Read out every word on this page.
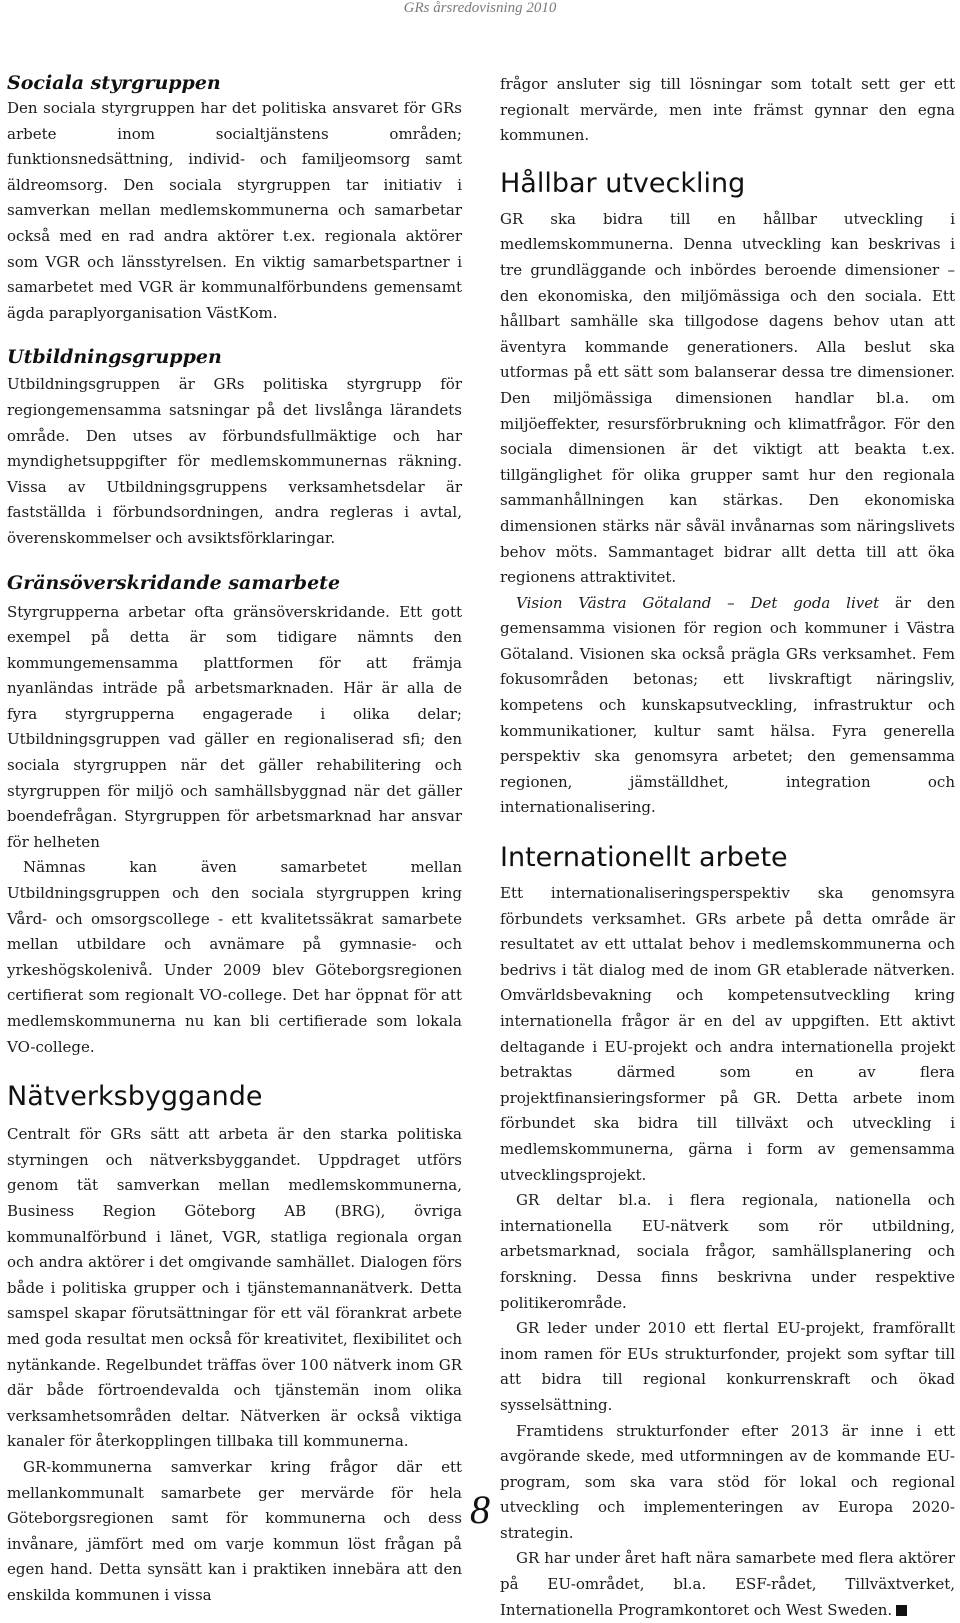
GRs årsredovisning 2010
Sociala styrgruppen

Den sociala styrgruppen har det politiska ansvaret för GRs arbete inom socialtjänstens områden; funktionsnedsättning, individ- och familjeomsorg samt äldreomsorg. Den sociala styrgruppen tar initiativ i samverkan mellan medlemskommunerna och samarbetar också med en rad andra aktörer t.ex. regionala aktörer som VGR och länsstyrelsen. En viktig samarbetspartner i samarbetet med VGR är kommunalförbundens gemensamt ägda paraplyorganisation VästKom.

Utbildningsgruppen

Utbildningsgruppen är GRs politiska styrgrupp för regiongemensamma satsningar på det livslånga lärandets område. Den utses av förbundsfullmäktige och har myndighetsuppgifter för medlemskommunernas räkning. Vissa av Utbildningsgruppens verksamhetsdelar är fastställda i förbundsordningen, andra regleras i avtal, överenskommelser och avsiktsförklaringar.

Gränsöverskridande samarbete

Styrgrupperna arbetar ofta gränsöverskridande. Ett gott exempel på detta är som tidigare nämnts den kommungemensamma plattformen för att främja nyanländas inträde på arbetsmarknaden. Här är alla de fyra styrgrupperna engagerade i olika delar; Utbildningsgruppen vad gäller en regionaliserad sfi; den sociala styrgruppen när det gäller rehabilitering och styrgruppen för miljö och samhällsbyggnad när det gäller boendefrågan. Styrgruppen för arbetsmarknad har ansvar för helheten

Nämnas kan även samarbetet mellan Utbildningsgruppen och den sociala styrgruppen kring Vård- och omsorgscollege - ett kvalitetssäkrat samarbete mellan utbildare och avnämare på gymnasie- och yrkeshögskolenivå. Under 2009 blev Göteborgsregionen certifierat som regionalt VO-college. Det har öppnat för att medlemskommunerna nu kan bli certifierade som lokala VO-college.

Nätverksbyggande

Centralt för GRs sätt att arbeta är den starka politiska styrningen och nätverksbyggandet. Uppdraget utförs genom tät samverkan mellan medlemskommunerna, Business Region Göteborg AB (BRG), övriga kommunalförbund i länet, VGR, statliga regionala organ och andra aktörer i det omgivande samhället. Dialogen förs både i politiska grupper och i tjänstemannanätverk. Detta samspel skapar förutsättningar för ett väl förankrat arbete med goda resultat men också för kreativitet, flexibilitet och nytänkande. Regelbundet träffas över 100 nätverk inom GR där både förtroendevalda och tjänstemän inom olika verksamhetsområden deltar. Nätverken är också viktiga kanaler för återkopplingen tillbaka till kommunerna.

GR-kommunerna samverkar kring frågor där ett mellankommunalt samarbete ger mervärde för hela Göteborgsregionen samt för kommunerna och dess invånare, jämfört med om varje kommun löst frågan på egen hand. Detta synsätt kan i praktiken innebära att den enskilda kommunen i vissa

frågor ansluter sig till lösningar som totalt sett ger ett regionalt mervärde, men inte främst gynnar den egna kommunen.

Hållbar utveckling

GR ska bidra till en hållbar utveckling i medlemskommunerna. Denna utveckling kan beskrivas i tre grundläggande och inbördes beroende dimensioner – den ekonomiska, den miljömässiga och den sociala. Ett hållbart samhälle ska tillgodose dagens behov utan att äventyra kommande generationers. Alla beslut ska utformas på ett sätt som balanserar dessa tre dimensioner. Den miljömässiga dimensionen handlar bl.a. om miljöeffekter, resursförbrukning och klimatfrågor. För den sociala dimensionen är det viktigt att beakta t.ex. tillgänglighet för olika grupper samt hur den regionala sammanhållningen kan stärkas. Den ekonomiska dimensionen stärks när såväl invånarnas som näringslivets behov möts. Sammantaget bidrar allt detta till att öka regionens attraktivitet.

Vision Västra Götaland – Det goda livet är den gemensamma visionen för region och kommuner i Västra Götaland. Visionen ska också prägla GRs verksamhet. Fem fokusområden betonas; ett livskraftigt näringsliv, kompetens och kunskapsutveckling, infrastruktur och kommunikationer, kultur samt hälsa. Fyra generella perspektiv ska genomsyra arbetet; den gemensamma regionen, jämställdhet, integration och internationalisering.

Internationellt arbete

Ett internationaliseringsperspektiv ska genomsyra förbundets verksamhet. GRs arbete på detta område är resultatet av ett uttalat behov i medlemskommunerna och bedrivs i tät dialog med de inom GR etablerade nätverken. Omvärldsbevakning och kompetensutveckling kring internationella frågor är en del av uppgiften. Ett aktivt deltagande i EU-projekt och andra internationella projekt betraktas därmed som en av flera projektfinansieringsformer på GR. Detta arbete inom förbundet ska bidra till tillväxt och utveckling i medlemskommunerna, gärna i form av gemensamma utvecklingsprojekt.

GR deltar bl.a. i flera regionala, nationella och internationella EU-nätverk som rör utbildning, arbetsmarknad, sociala frågor, samhällsplanering och forskning. Dessa finns beskrivna under respektive politikerområde.

GR leder under 2010 ett flertal EU-projekt, framförallt inom ramen för EUs strukturfonder, projekt som syftar till att bidra till regional konkurrenskraft och ökad sysselsättning.

Framtidens strukturfonder efter 2013 är inne i ett avgörande skede, med utformningen av de kommande EU-program, som ska vara stöd för lokal och regional utveckling och implementeringen av Europa 2020-strategin.

GR har under året haft nära samarbete med flera aktörer på EU-området, bl.a. ESF-rådet, Tillväxtverket, Internationella Programkontoret och West Sweden.

8
